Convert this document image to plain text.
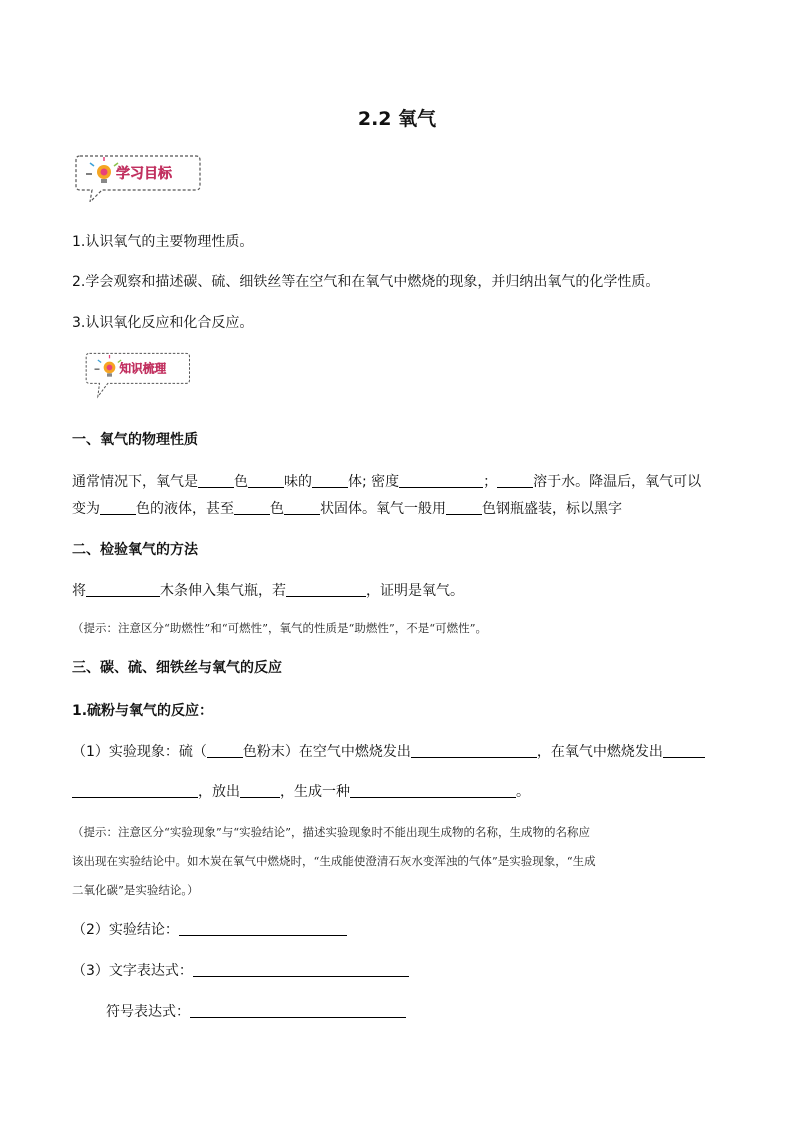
2.2 氧气
学习目标
1.认识氧气的主要物理性质。
2.学会观察和描述碳、硫、细铁丝等在空气和在氧气中燃烧的现象，并归纳出氧气的化学性质。
3.认识氧化反应和化合反应。
知识梳理
一、氧气的物理性质
通常情况下，氧气是	色	味的	体; 密度	；	溶于水。降温后，氧气可以
变为	色的液体，甚至	色	状固体。氧气一般用	色钢瓶盛装，标以黑字
二、检验氧气的方法
将	木条伸入集气瓶，若	，证明是氧气。
（提示：注意区分“助燃性”和“可燃性”，氧气的性质是“助燃性”，不是“可燃性”。
三、碳、硫、细铁丝与氧气的反应
1.硫粉与氧气的反应：
（1）实验现象：硫（	色粉末）在空气中燃烧发出	，在氧气中燃烧发出
，放出	，生成一种	。
（提示：注意区分“实验现象”与“实验结论”，描述实验现象时不能出现生成物的名称，生成物的名称应
该出现在实验结论中。如木炭在氧气中燃烧时，“生成能使澄清石灰水变浑浊的气体”是实验现象，“生成
二氧化碳”是实验结论。）
（2）实验结论：
（3）文字表达式：
符号表达式：
